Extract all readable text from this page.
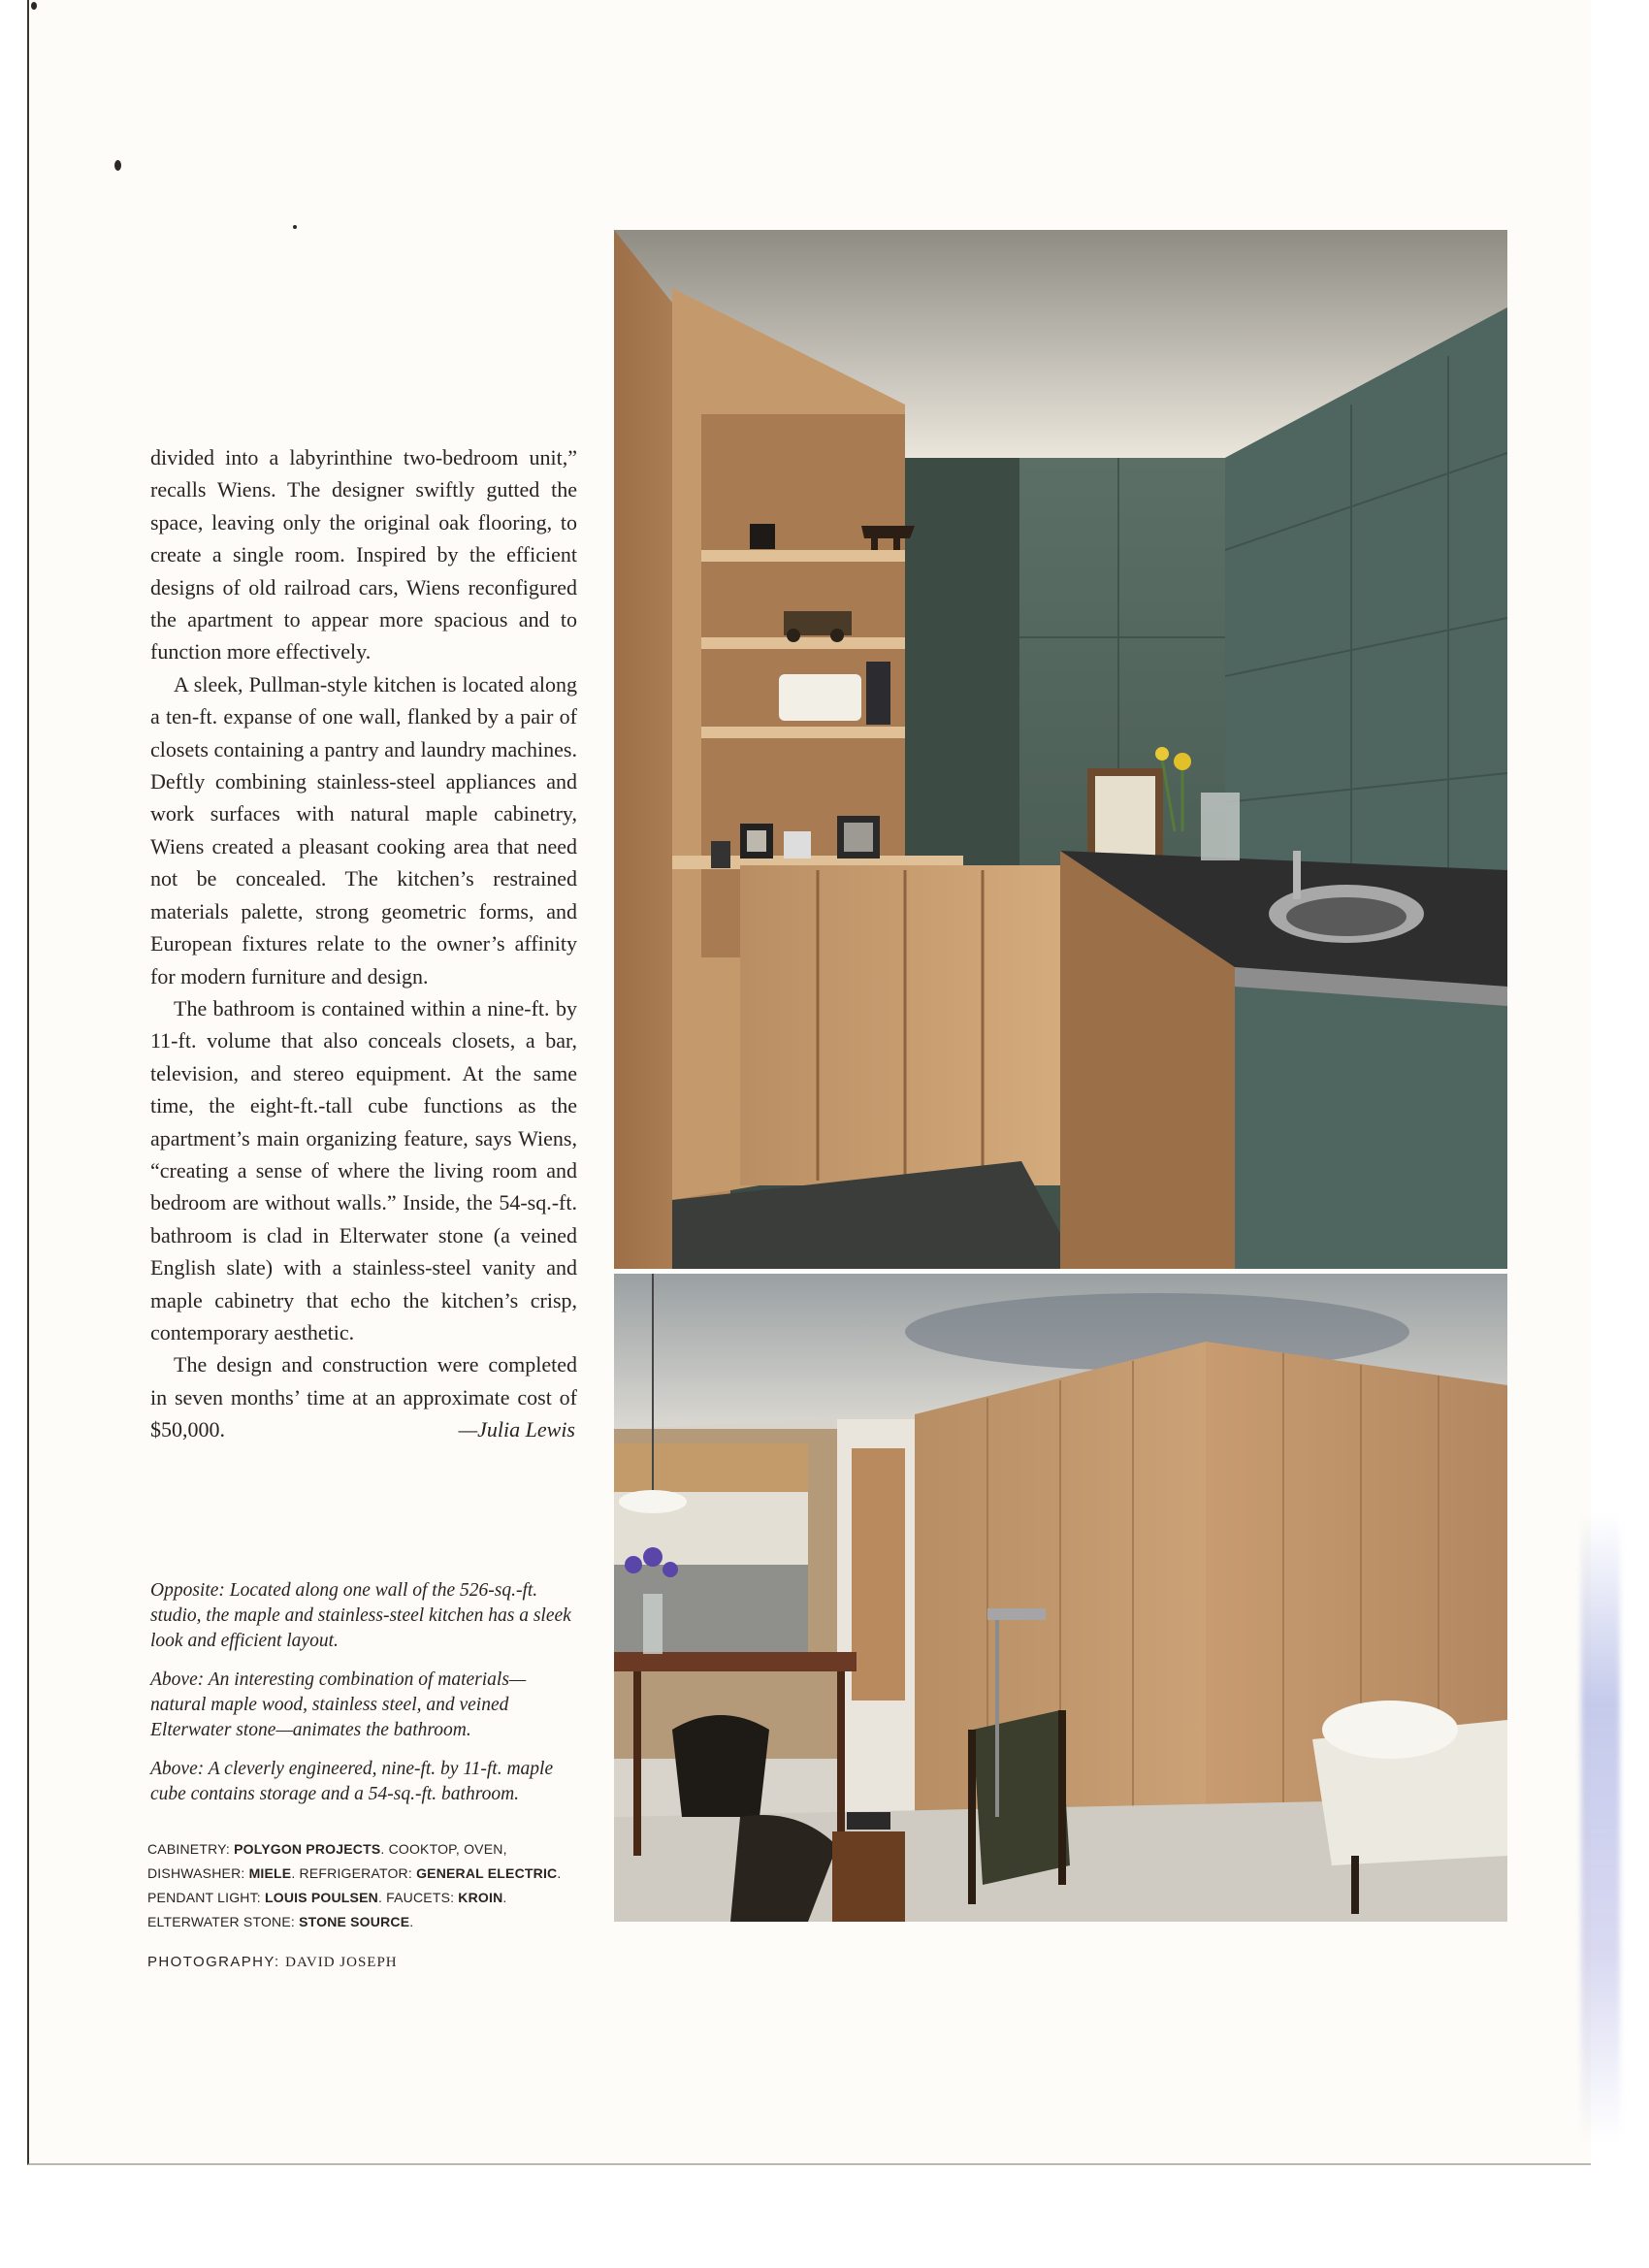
divided into a labyrinthine two-bedroom unit,” recalls Wiens. The designer swiftly gutted the space, leaving only the original oak flooring, to create a single room. Inspired by the efficient designs of old railroad cars, Wiens reconfigured the apartment to appear more spacious and to function more effectively.

A sleek, Pullman-style kitchen is located along a ten-ft. expanse of one wall, flanked by a pair of closets containing a pantry and laundry machines. Deftly combining stainless-steel appliances and work surfaces with natural maple cabinetry, Wiens created a pleasant cooking area that need not be concealed. The kitchen’s restrained materials palette, strong geometric forms, and European fixtures relate to the owner’s affinity for modern furniture and design.

The bathroom is contained within a nine-ft. by 11-ft. volume that also conceals closets, a bar, television, and stereo equipment. At the same time, the eight-ft.-tall cube functions as the apartment’s main organizing feature, says Wiens, “creating a sense of where the living room and bedroom are without walls.” Inside, the 54-sq.-ft. bathroom is clad in Elterwater stone (a veined English slate) with a stainless-steel vanity and maple cabinetry that echo the kitchen’s crisp, contemporary aesthetic.

The design and construction were completed in seven months’ time at an approximate cost of $50,000.	—Julia Lewis

Opposite: Located along one wall of the 526-sq.-ft. studio, the maple and stainless-steel kitchen has a sleek look and efficient layout.

Above: An interesting combination of materials—natural maple wood, stainless steel, and veined Elterwater stone—animates the bathroom.

Above: A cleverly engineered, nine-ft. by 11-ft. maple cube contains storage and a 54-sq.-ft. bathroom.

CABINETRY: POLYGON PROJECTS. COOKTOP, OVEN, DISHWASHER: MIELE. REFRIGERATOR: GENERAL ELECTRIC. PENDANT LIGHT: LOUIS POULSEN. FAUCETS: KROIN. ELTERWATER STONE: STONE SOURCE.
PHOTOGRAPHY: DAVID JOSEPH
